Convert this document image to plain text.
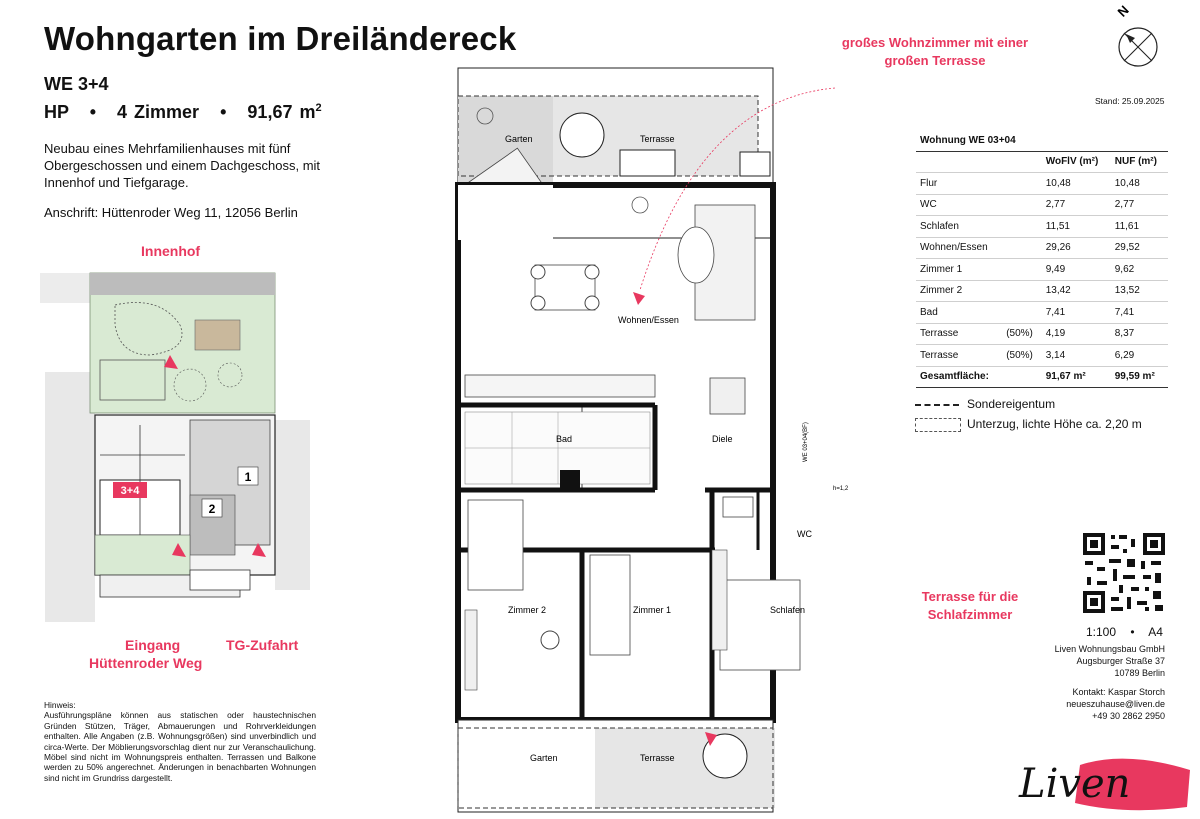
Wohngarten im Dreiländereck
WE 3+4
HP • 4 Zimmer • 91,67 $m^2$
Neubau eines Mehrfamilienhauses mit fünf Obergeschossen und einem Dachgeschoss, mit Innenhof und Tiefgarage.
Anschrift: Hüttenroder Weg 11, 12056 Berlin
Innenhof
3+4
1
2
Eingang
Hüttenroder Weg
TG-Zufahrt
Hinweis:
Ausführungspläne können aus statischen oder haustechnischen Gründen Stützen, Träger, Abmauerungen und Rohrverkleidungen enthalten. Alle Angaben (z.B. Wohnungsgrößen) sind unverbindlich und circa-Werte. Der Möblierungsvorschlag dient nur zur Veranschaulichung. Möbel sind nicht im Wohnungspreis enthalten. Terrassen und Balkone werden zu 50% angerechnet. Änderungen in benachbarten Wohnungen sind nicht im Grundriss dargestellt.
großes Wohnzimmer mit einer
großen Terrasse
Terrasse für die
Schlafzimmer
N
Garten	Terrasse
Wohnen/Essen
Bad	Diele
WC
Zimmer 2	Zimmer 1	Schlafen
Garten	Terrasse
h=1,2
WE 03+04(BF)
Stand: 25.09.2025
Wohnung WE 03+04			
		WoFlV (m²)	NUF (m²)
Flur		10,48	10,48
WC		2,77	2,77
Schlafen		11,51	11,61
Wohnen/Essen		29,26	29,52
Zimmer 1		9,49	9,62
Zimmer 2		13,42	13,52
Bad		7,41	7,41
Terrasse	(50%)	4,19	8,37
Terrasse	(50%)	3,14	6,29
Gesamtfläche:		91,67 m²	99,59 m²
Sondereigentum
Unterzug, lichte Höhe ca. 2,20 m
1:100 • A4
Liven Wohnungsbau GmbH
Augsburger Straße 37
10789 Berlin
Kontakt: Kaspar Storch
neueszuhause@liven.de
+49 30 2862 2950
Liven
